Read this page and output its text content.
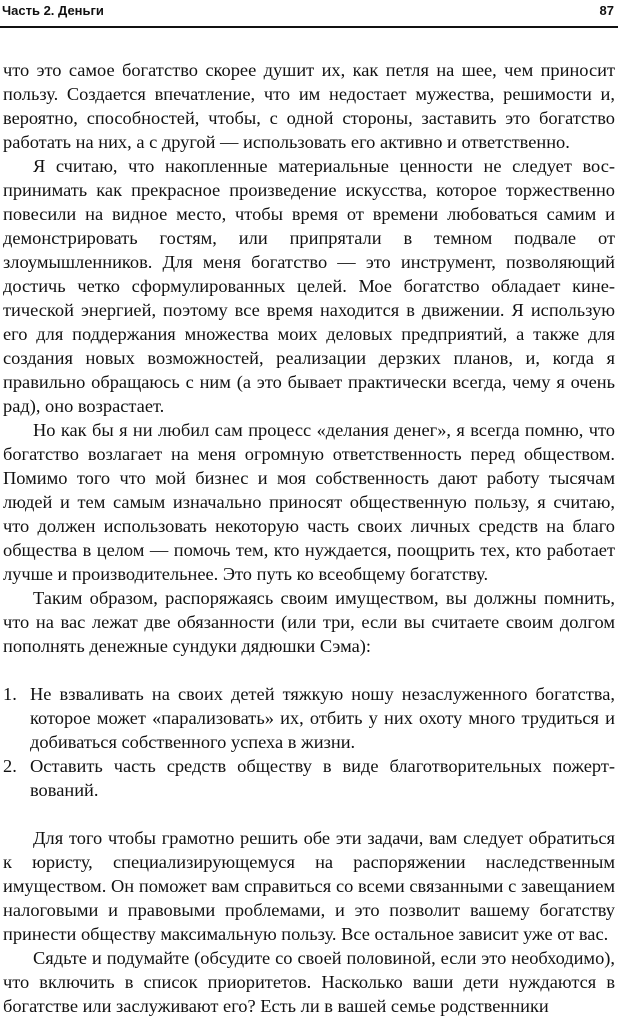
Часть 2. Деньги	87

что это самое богатство скорее душит их, как петля на шее, чем приносит пользу. Создается впечатление, что им недостает мужества, решимости и, вероятно, способностей, чтобы, с одной стороны, заставить это богатство работать на них, а с другой — использовать его активно и ответственно.

Я считаю, что накопленные материальные ценности не следует воспринимать как прекрасное произведение искусства, которое торжественно повесили на видное место, чтобы время от времени любоваться самим и демонстрировать гостям, или припрятали в темном подвале от злоумышленников. Для меня богатство — это инструмент, позволяющий достичь четко сформулированных целей. Мое богатство обладает кинетической энергией, поэтому все время находится в движении. Я использую его для поддержания множества моих деловых предприятий, а также для создания новых возможностей, реализации дерзких планов, и, когда я правильно обращаюсь с ним (а это бывает практически всегда, чему я очень рад), оно возрастает.

Но как бы я ни любил сам процесс «делания денег», я всегда помню, что богатство возлагает на меня огромную ответственность перед обществом. Помимо того что мой бизнес и моя собственность дают работу тысячам людей и тем самым изначально приносят общественную пользу, я считаю, что должен использовать некоторую часть своих личных средств на благо общества в целом — помочь тем, кто нуждается, поощрить тех, кто работает лучше и производительнее. Это путь ко всеобщему богатству.

Таким образом, распоряжаясь своим имуществом, вы должны помнить, что на вас лежат две обязанности (или три, если вы считаете своим долгом пополнять денежные сундуки дядюшки Сэма):

1. Не взваливать на своих детей тяжкую ношу незаслуженного богатства, которое может «парализовать» их, отбить у них охоту много трудиться и добиваться собственного успеха в жизни.
2. Оставить часть средств обществу в виде благотворительных пожертвований.

Для того чтобы грамотно решить обе эти задачи, вам следует обратиться к юристу, специализирующемуся на распоряжении наследственным имуществом. Он поможет вам справиться со всеми связанными с завещанием налоговыми и правовыми проблемами, и это позволит вашему богатству принести обществу максимальную пользу. Все остальное зависит уже от вас.

Сядьте и подумайте (обсудите со своей половиной, если это необходимо), что включить в список приоритетов. Насколько ваши дети нуждаются в богатстве или заслуживают его? Есть ли в вашей семье родственники
